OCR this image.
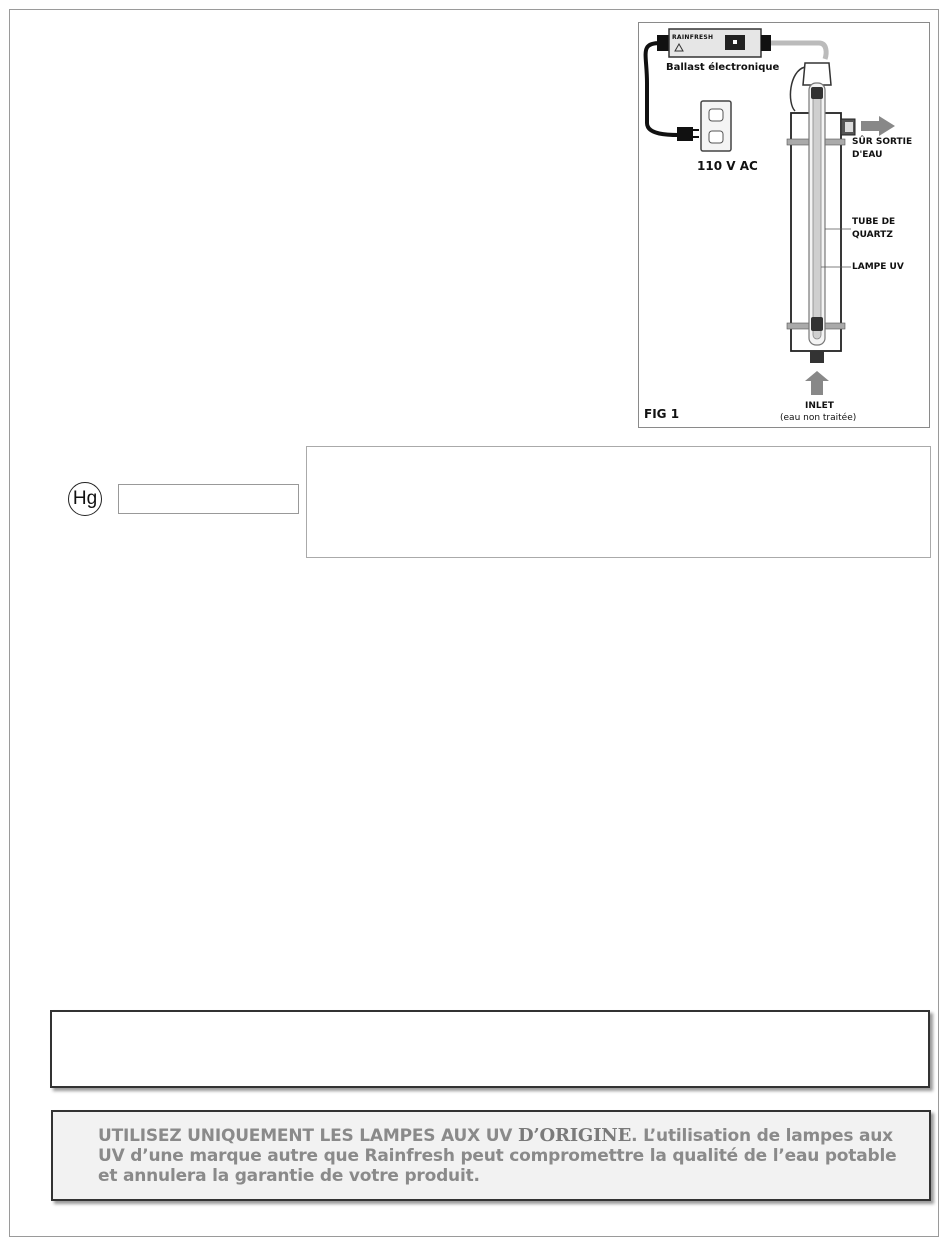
RAINFRESH
Ballast électronique
110 V AC
SÛR SORTIE
D'EAU
TUBE DE
QUARTZ
LAMPE UV
INLET
(eau non traitée)
FIG 1
Hg
UTILISEZ UNIQUEMENT LES LAMPES AUX UV D’ORIGINE. L’utilisation de lampes aux UV d’une marque autre que Rainfresh peut compromettre la qualité de l’eau potable et annulera la garantie de votre produit.
